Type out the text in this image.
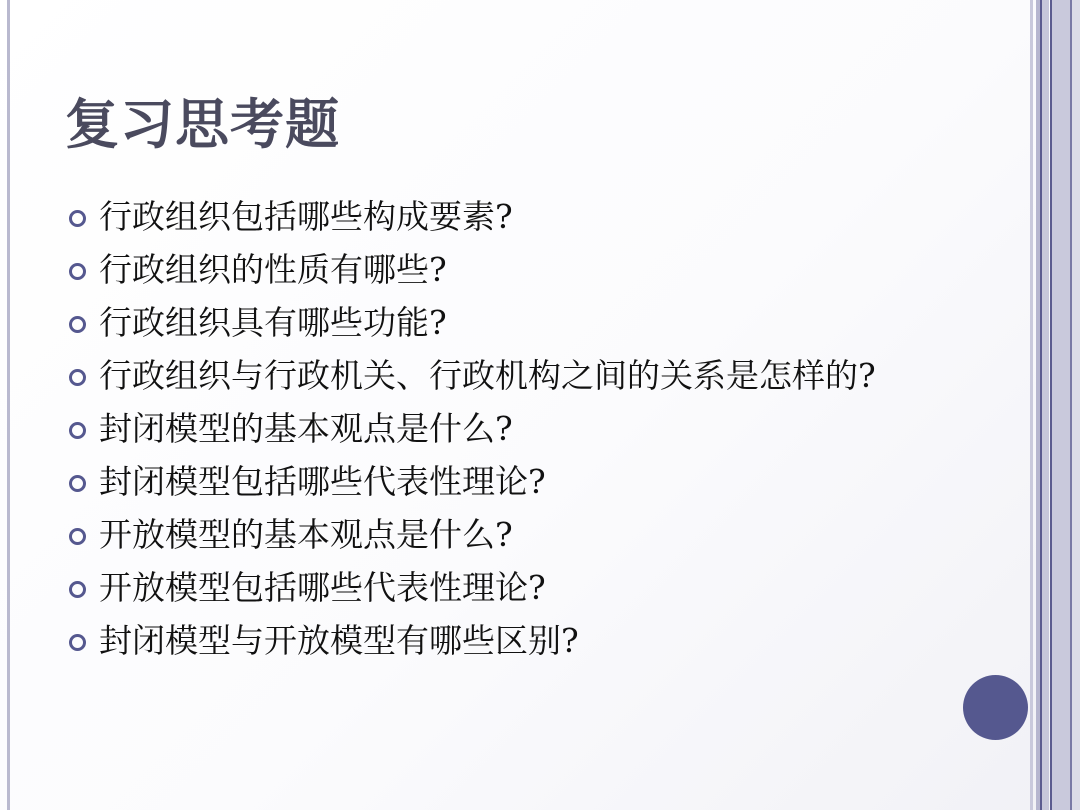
复习思考题
行政组织包括哪些构成要素?
行政组织的性质有哪些?
行政组织具有哪些功能?
行政组织与行政机关、行政机构之间的关系是怎样的?
封闭模型的基本观点是什么?
封闭模型包括哪些代表性理论?
开放模型的基本观点是什么?
开放模型包括哪些代表性理论?
封闭模型与开放模型有哪些区别?
